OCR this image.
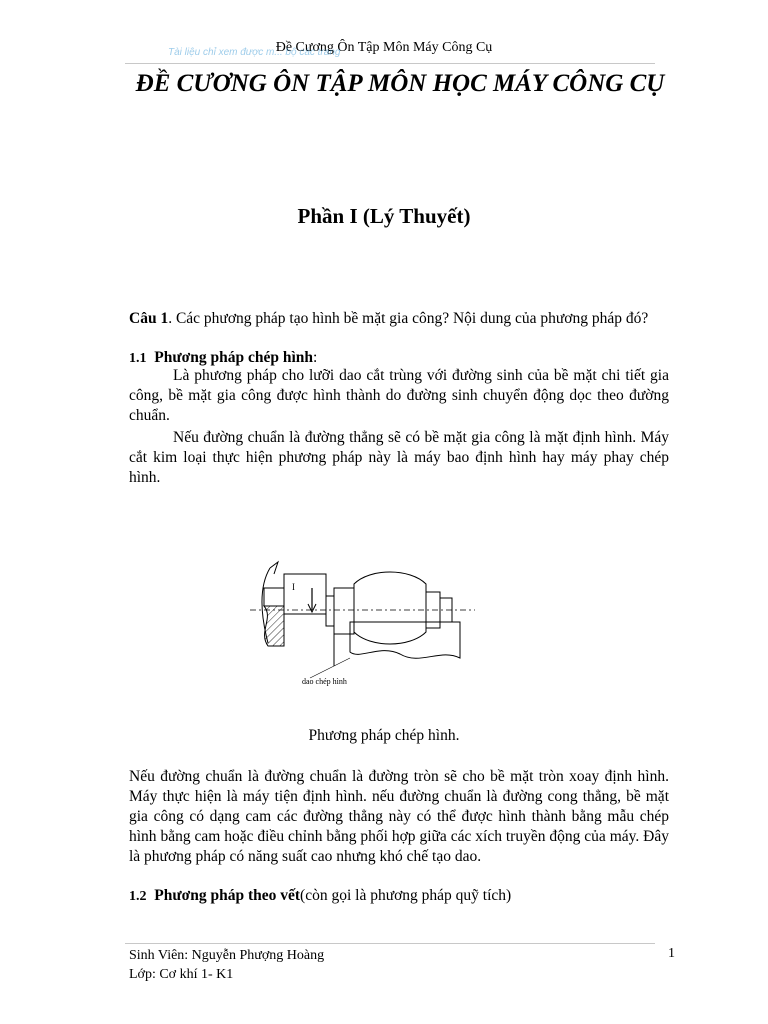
Đề Cương Ôn Tập Môn Máy Công Cụ
Tài liệu chỉ xem được m... bộ các trang
ĐỀ CƯƠNG ÔN TẬP MÔN HỌC MÁY CÔNG CỤ
Phần I (Lý Thuyết)
Câu 1. Các phương pháp tạo hình bề mặt gia công? Nội dung của phương pháp đó?
1.1 Phương pháp chép hình:
Là phương pháp cho lưỡi dao cắt trùng với đường sinh của bề mặt chi tiết gia công, bề mặt gia công được hình thành do đường sinh chuyển động dọc theo đường chuẩn.
Nếu đường chuẩn là đường thẳng sẽ có bề mặt gia công là mặt định hình. Máy cắt kim loại thực hiện phương pháp này là máy bao định hình hay máy phay chép hình.
I
dao chép hình
Phương pháp chép hình.
Nếu đường chuẩn là đường chuẩn là đường tròn sẽ cho bề mặt tròn xoay định hình. Máy thực hiện là máy tiện định hình. nếu đường chuẩn là đường cong thẳng, bề mặt gia công có dạng cam các đường thẳng này có thể được hình thành bằng mẫu chép hình bằng cam hoặc điều chỉnh bằng phối hợp giữa các xích truyền động của máy. Đây là phương pháp có năng suất cao nhưng khó chế tạo dao.
1.2 Phương pháp theo vết(còn gọi là phương pháp quỹ tích)
Sinh Viên: Nguyễn Phượng Hoàng
Lớp: Cơ khí 1- K1
1
